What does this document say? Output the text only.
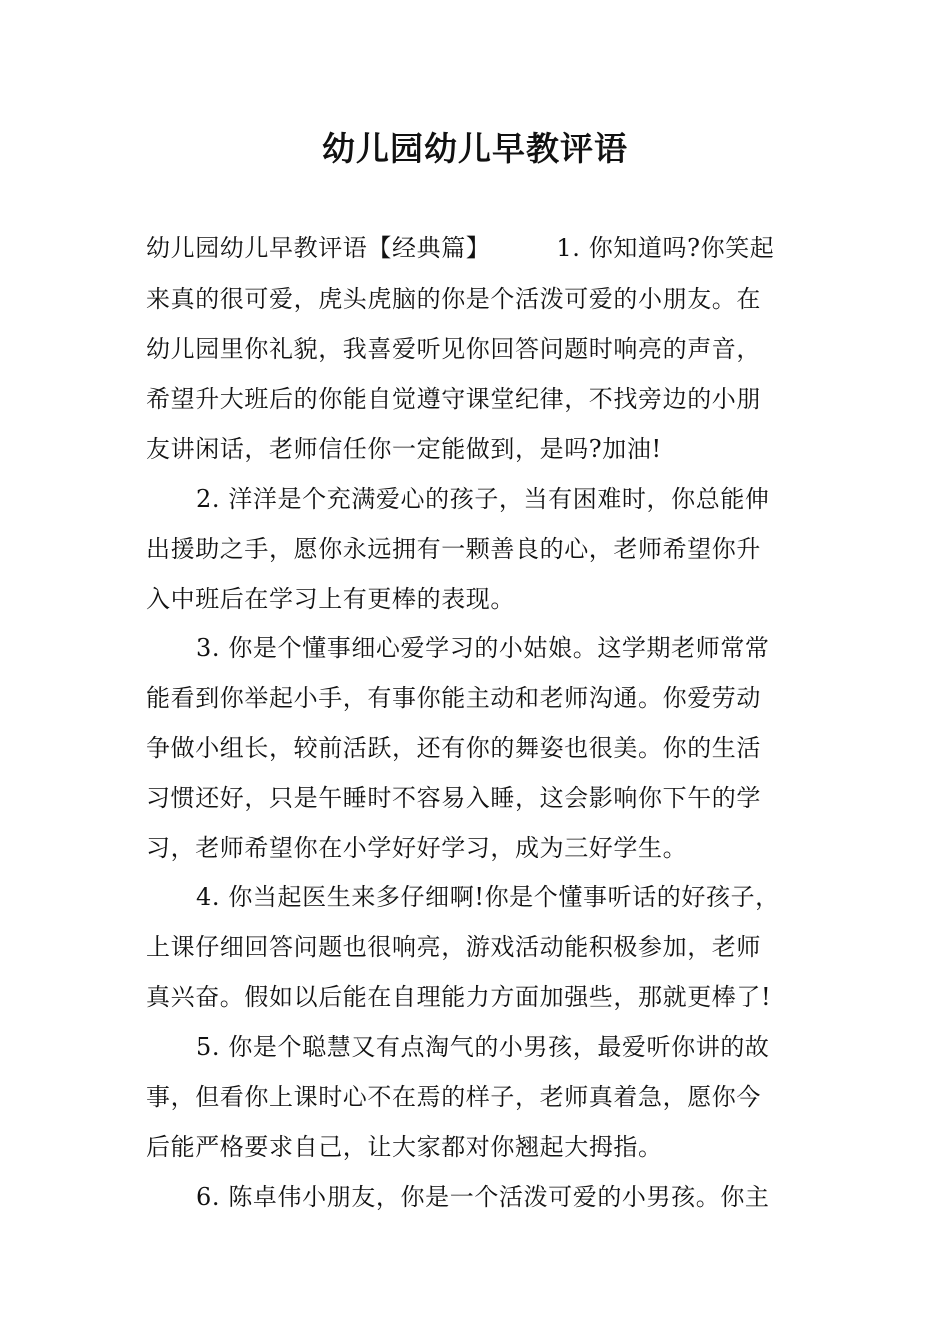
幼儿园幼儿早教评语
幼儿园幼儿早教评语【经典篇】	1. 你知道吗?你笑起
来真的很可爱，虎头虎脑的你是个活泼可爱的小朋友。在
幼儿园里你礼貌，我喜爱听见你回答问题时响亮的声音，
希望升大班后的你能自觉遵守课堂纪律，不找旁边的小朋
友讲闲话，老师信任你一定能做到，是吗?加油!
2. 洋洋是个充满爱心的孩子，当有困难时，你总能伸
出援助之手，愿你永远拥有一颗善良的心，老师希望你升
入中班后在学习上有更棒的表现。
3. 你是个懂事细心爱学习的小姑娘。这学期老师常常
能看到你举起小手，有事你能主动和老师沟通。你爱劳动
争做小组长，较前活跃，还有你的舞姿也很美。你的生活
习惯还好，只是午睡时不容易入睡，这会影响你下午的学
习，老师希望你在小学好好学习，成为三好学生。
4. 你当起医生来多仔细啊!你是个懂事听话的好孩子，
上课仔细回答问题也很响亮，游戏活动能积极参加，老师
真兴奋。假如以后能在自理能力方面加强些，那就更棒了!
5. 你是个聪慧又有点淘气的小男孩，最爱听你讲的故
事，但看你上课时心不在焉的样子，老师真着急，愿你今
后能严格要求自己，让大家都对你翘起大拇指。
6. 陈卓伟小朋友，你是一个活泼可爱的小男孩。你主
